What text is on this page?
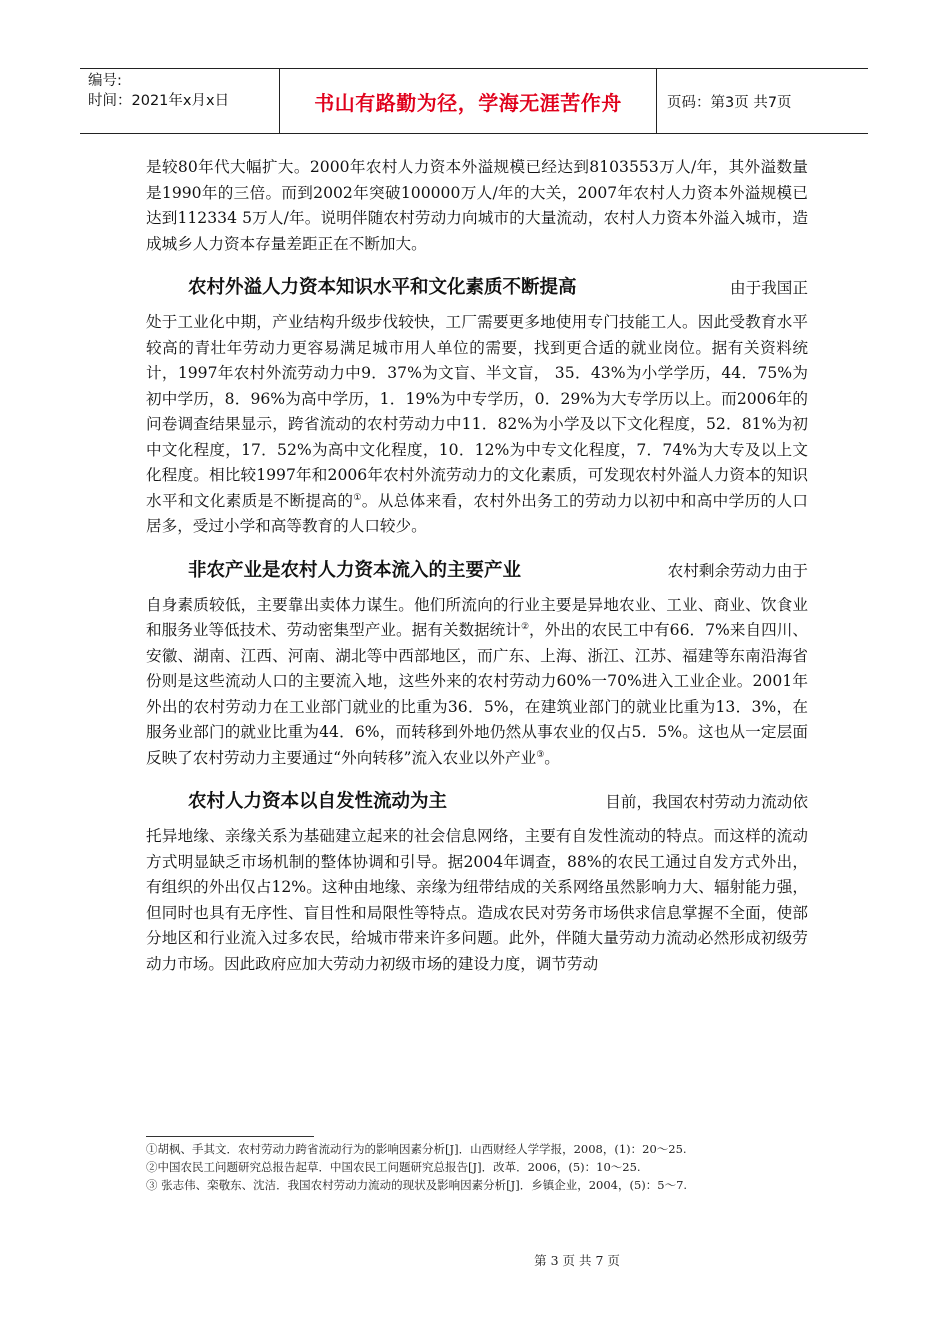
编号:
时间：2021年x月x日	书山有路勤为径，学海无涯苦作舟	页码：第3页 共7页

是较80年代大幅扩大。2000年农村人力资本外溢规模已经达到8103553万人/年，其外溢数量是1990年的三倍。而到2002年突破100000万人/年的大关，2007年农村人力资本外溢规模已达到112334 5万人/年。说明伴随农村劳动力向城市的大量流动，农村人力资本外溢入城市，造成城乡人力资本存量差距正在不断加大。

农村外溢人力资本知识水平和文化素质不断提高	由于我国正

处于工业化中期，产业结构升级步伐较快，工厂需要更多地使用专门技能工人。因此受教育水平较高的青壮年劳动力更容易满足城市用人单位的需要，找到更合适的就业岗位。据有关资料统计，1997年农村外流劳动力中9．37%为文盲、半文盲， 35．43%为小学学历，44．75%为初中学历，8．96%为高中学历，1．19%为中专学历，0．29%为大专学历以上。而2006年的问卷调查结果显示，跨省流动的农村劳动力中11．82%为小学及以下文化程度，52．81%为初中文化程度，17．52%为高中文化程度，10．12%为中专文化程度，7．74%为大专及以上文化程度。相比较1997年和2006年农村外流劳动力的文化素质，可发现农村外溢人力资本的知识水平和文化素质是不断提高的①。从总体来看，农村外出务工的劳动力以初中和高中学历的人口居多，受过小学和高等教育的人口较少。

非农产业是农村人力资本流入的主要产业	农村剩余劳动力由于

自身素质较低，主要靠出卖体力谋生。他们所流向的行业主要是异地农业、工业、商业、饮食业和服务业等低技术、劳动密集型产业。据有关数据统计②，外出的农民工中有66．7%来自四川、安徽、湖南、江西、河南、湖北等中西部地区，而广东、上海、浙江、江苏、福建等东南沿海省份则是这些流动人口的主要流入地，这些外来的农村劳动力60%一70%进入工业企业。2001年外出的农村劳动力在工业部门就业的比重为36．5%，在建筑业部门的就业比重为13．3%，在服务业部门的就业比重为44．6%，而转移到外地仍然从事农业的仅占5．5%。这也从一定层面反映了农村劳动力主要通过“外向转移”流入农业以外产业③。

农村人力资本以自发性流动为主	目前，我国农村劳动力流动依

托异地缘、亲缘关系为基础建立起来的社会信息网络，主要有自发性流动的特点。而这样的流动方式明显缺乏市场机制的整体协调和引导。据2004年调查，88%的农民工通过自发方式外出，有组织的外出仅占12%。这种由地缘、亲缘为纽带结成的关系网络虽然影响力大、辐射能力强，但同时也具有无序性、盲目性和局限性等特点。造成农民对劳务市场供求信息掌握不全面，使部分地区和行业流入过多农民，给城市带来许多问题。此外，伴随大量劳动力流动必然形成初级劳动力市场。因此政府应加大劳动力初级市场的建设力度，调节劳动

①胡枫、手其文．农村劳动力跨省流动行为的影响因素分析[J]．山西财经人学学报，2008，(1)：20～25.

②中国农民工问题研究总报告起草．中国农民工问题研究总报告[J]．改革．2006，(5)：10～25.

③ 张志伟、栾敬东、沈洁．我国农村劳动力流动的现状及影响因素分析[J]．乡镇企业，2004，(5)：5～7.

第 3 页 共 7 页
